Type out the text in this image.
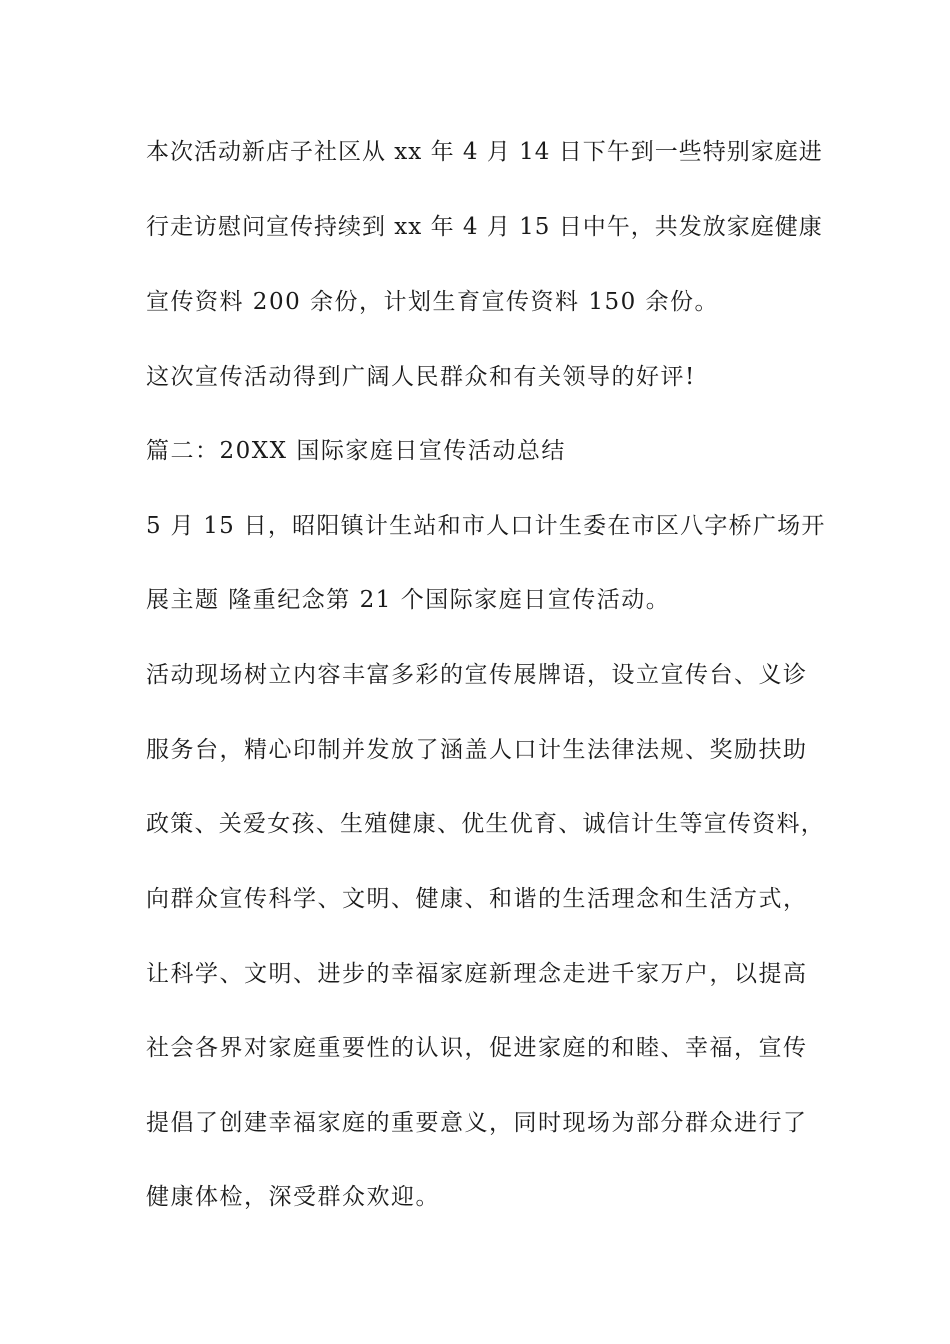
本次活动新店子社区从 xx 年 4 月 14 日下午到一些特别家庭进
行走访慰问宣传持续到 xx 年 4 月 15 日中午，共发放家庭健康
宣传资料 200 余份，计划生育宣传资料 150 余份。
这次宣传活动得到广阔人民群众和有关领导的好评!
篇二：20XX 国际家庭日宣传活动总结
5 月 15 日，昭阳镇计生站和市人口计生委在市区八字桥广场开
展主题 隆重纪念第 21 个国际家庭日宣传活动。
活动现场树立内容丰富多彩的宣传展牌语，设立宣传台、义诊
服务台，精心印制并发放了涵盖人口计生法律法规、奖励扶助
政策、关爱女孩、生殖健康、优生优育、诚信计生等宣传资料，
向群众宣传科学、文明、健康、和谐的生活理念和生活方式，
让科学、文明、进步的幸福家庭新理念走进千家万户，以提高
社会各界对家庭重要性的认识，促进家庭的和睦、幸福，宣传
提倡了创建幸福家庭的重要意义，同时现场为部分群众进行了
健康体检，深受群众欢迎。
